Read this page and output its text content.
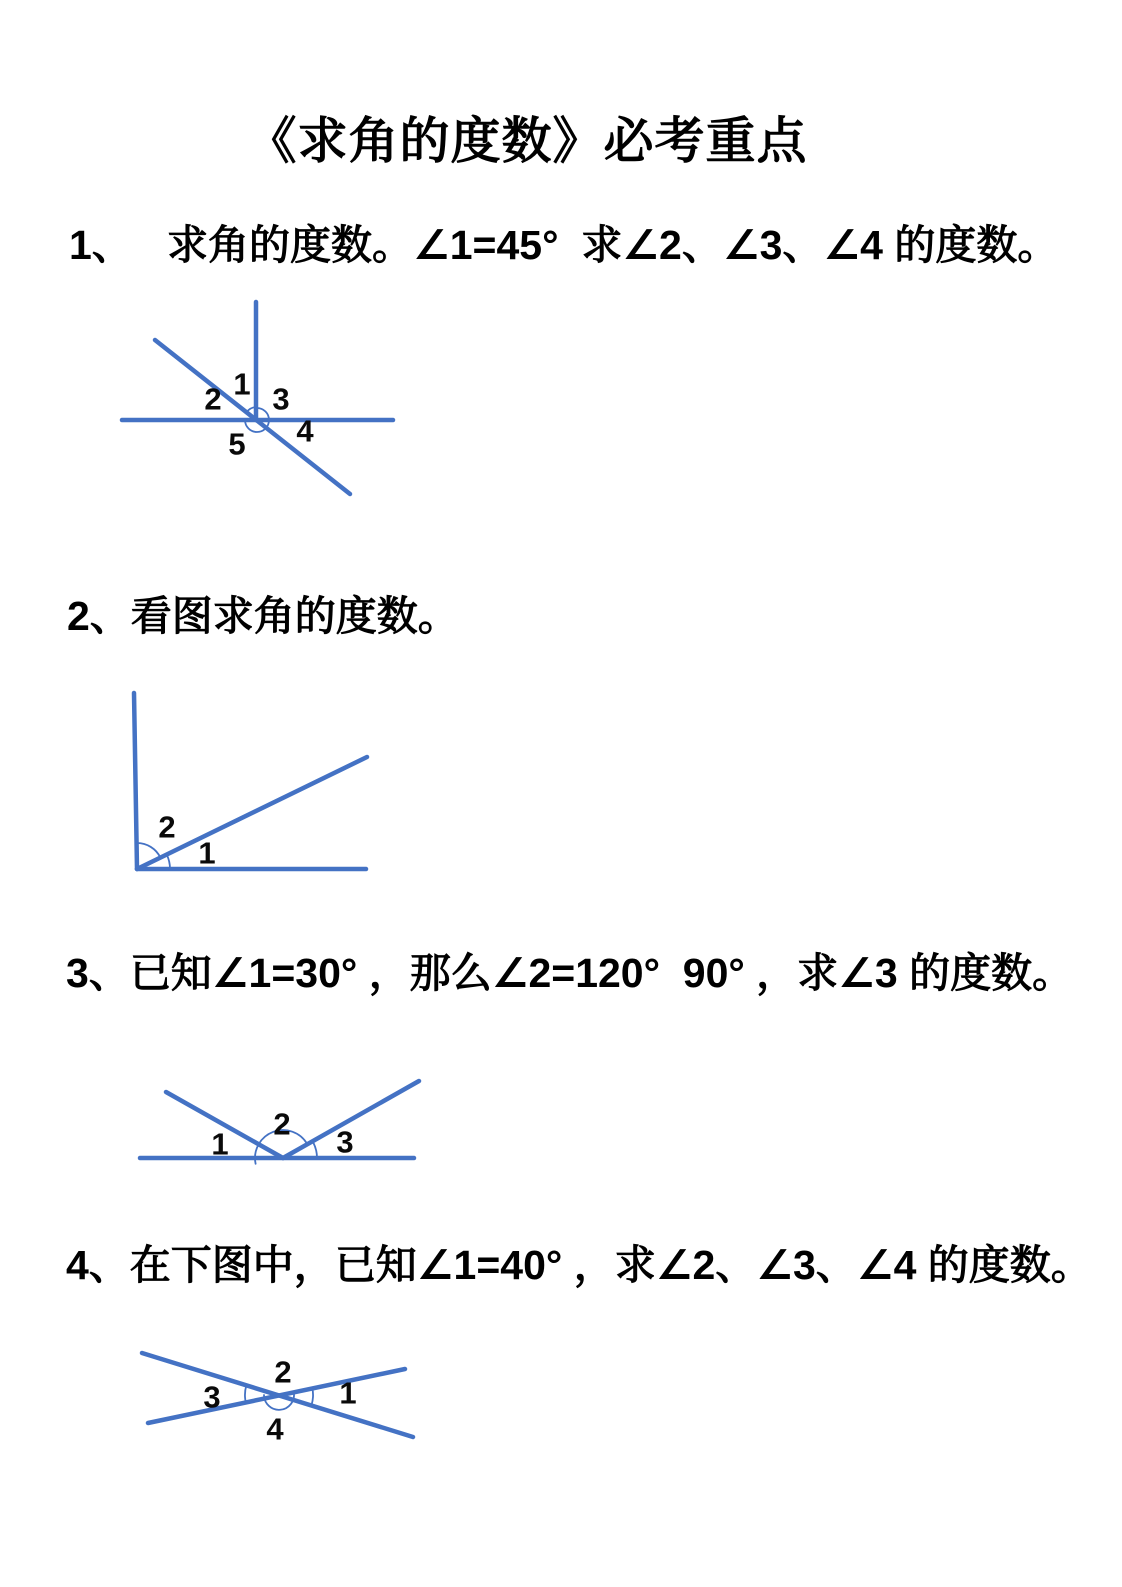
《求角的度数》必考重点
1、   求角的度数。∠1=45°  求∠2、∠3、∠4 的度数。
2、看图求角的度数。
3、已知∠1=30° ，那么∠2=120°  90° ，求∠3 的度数。
4、在下图中，已知∠1=40° ，求∠2、∠3、∠4 的度数。
1
2 3
4
5
2
1
1
2
3
2
3	1
4
